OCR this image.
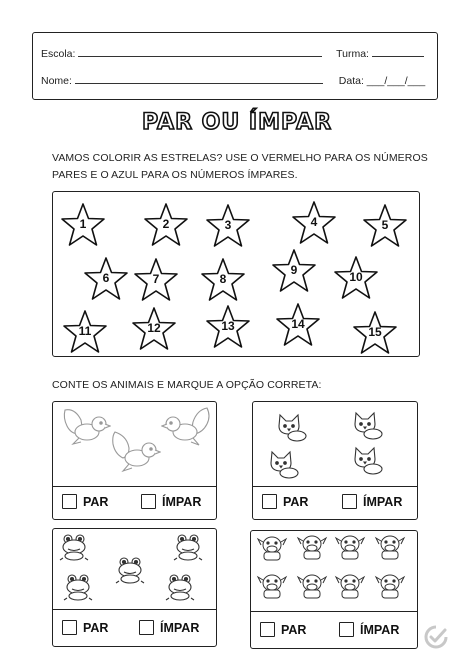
Escola:	Turma:
Nome:	Data: ___/___/___
PAR OU ÍMPAR
VAMOS COLORIR AS ESTRELAS? USE O VERMELHO PARA OS NÚMEROS PARES E O AZUL PARA OS NÚMEROS ÍMPARES.
1	2	3	4	5
6	7	8
9	10
11	12	13	14
15
CONTE OS ANIMAIS E MARQUE A OPÇÃO CORRETA:
PAR	ÍMPAR	PAR	ÍMPAR
PAR	ÍMPAR	PAR	ÍMPAR
